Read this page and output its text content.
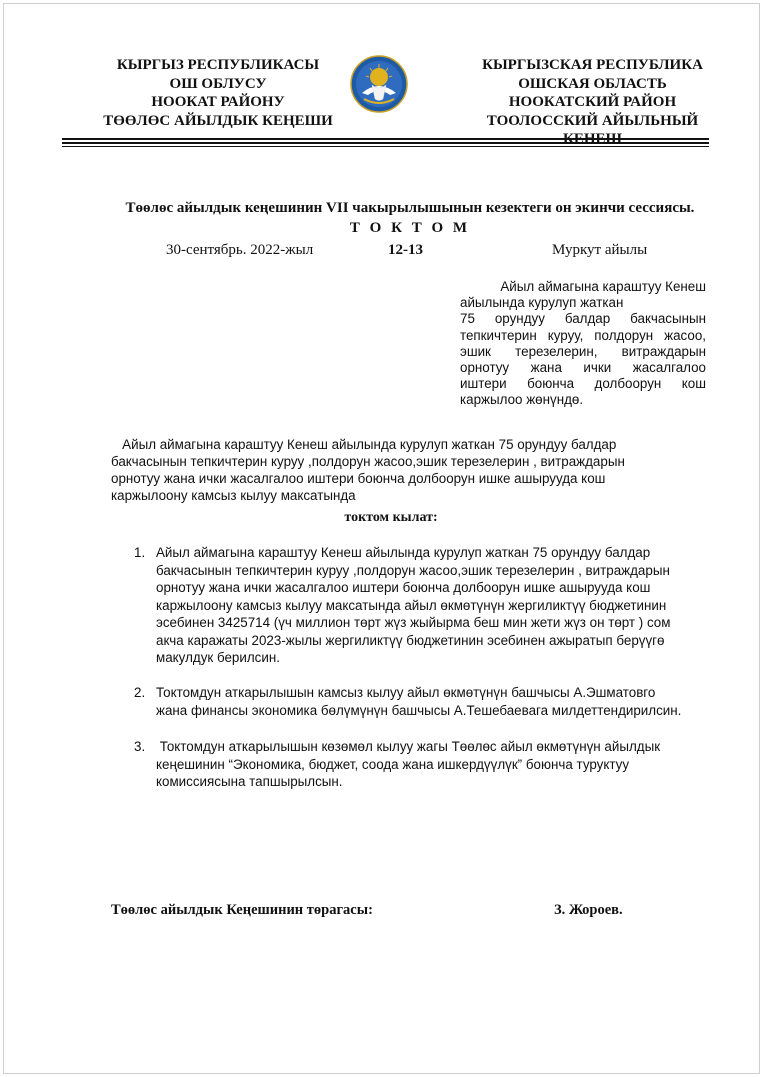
КЫРГЫЗ РЕСПУБЛИКАСЫ
ОШ ОБЛУСУ
НООКАТ РАЙОНУ
ТӨӨЛӨС АЙЫЛДЫК КЕҢЕШИ
КЫРГЫЗСКАЯ РЕСПУБЛИКА
ОШСКАЯ ОБЛАСТЬ
НООКАТСКИЙ РАЙОН
ТООЛОССКИЙ АЙЫЛЬНЫЙ
КЕНЕШ
Төөлөс айылдык кеңешинин VII чакырылышынын кезектеги он экинчи сессиясы.
Т О К Т О М
30-сентябрь. 2022-жыл	12-13	Муркут айылы
Айыл аймагына караштуу Кенеш
айылында курулуп жаткан
75 орундуу балдар бакчасынын
тепкичтерин куруу, полдорун жасоо,
эшик терезелерин, витраждарын
орнотуу жана ички жасалгалоо
иштери боюнча долбоорун кош
каржылоо жөнүндө.
Айыл аймагына караштуу Кенеш айылында курулуп жаткан 75 орундуу балдар
бакчасынын тепкичтерин куруу ,полдорун жасоо,эшик терезелерин , витраждарын
орнотуу жана ички жасалгалоо иштери боюнча долбоорун ишке ашырууда кош
каржылоону камсыз кылуу максатында
токтом кылат:
1. Айыл аймагына караштуу Кенеш айылында курулуп жаткан 75 орундуу балдар
бакчасынын тепкичтерин куруу ,полдорун жасоо,эшик терезелерин , витраждарын
орнотуу жана ички жасалгалоо иштери боюнча долбоорун ишке ашырууда кош
каржылоону камсыз кылуу максатында айыл өкмөтүнүн жергиликтүү бюджетинин
эсебинен 3425714 (үч миллион төрт жүз жыйырма беш мин жети жүз он төрт ) сом
акча каражаты 2023-жылы жергиликтүү бюджетинин эсебинен ажыратып берүүгө
макулдук берилсин.
2. Токтомдун аткарылышын камсыз кылуу айыл өкмөтүнүн башчысы А.Эшматовго
жана финансы экономика бөлүмүнүн башчысы А.Тешебаевага милдеттендирилсин.
3. Токтомдун аткарылышын көзөмөл кылуу жагы Төөлөс айыл өкмөтүнүн айылдык
кеңешинин “Экономика, бюджет, соода жана ишкердүүлүк” боюнча туруктуу
комиссиясына тапшырылсын.
Төөлөс айылдык Кеңешинин төрагасы:	З. Жороев.
